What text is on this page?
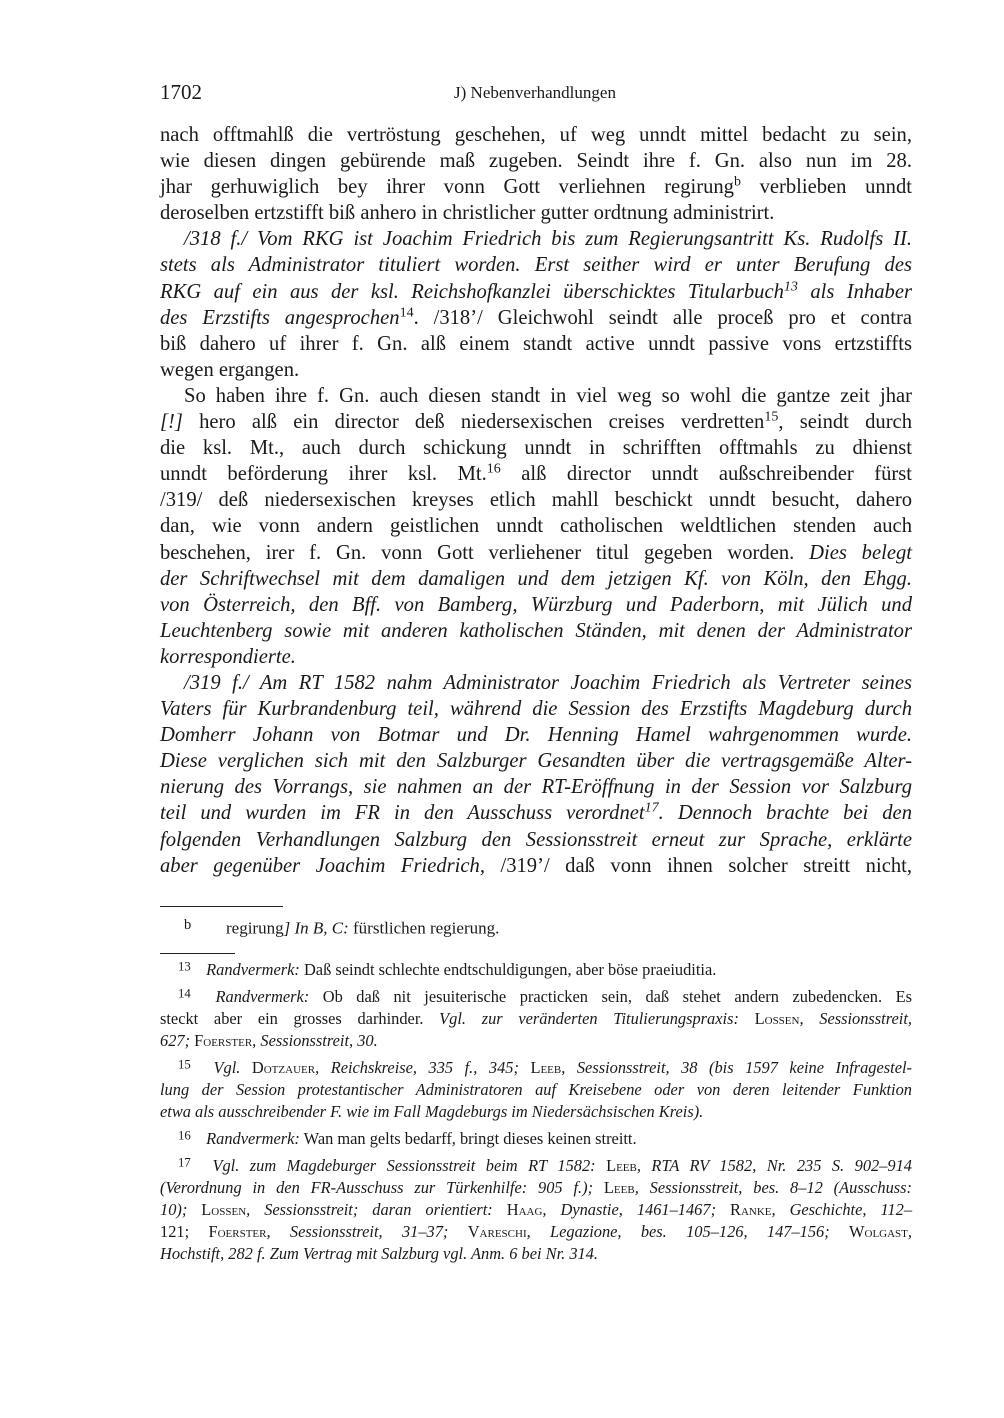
1702	J) Nebenverhandlungen
nach offtmahlß die vertröstung geschehen, uf weg unndt mittel bedacht zu sein,
wie diesen dingen gebürende maß zugeben. Seindt ihre f. Gn. also nun im 28.
jhar gerhuwiglich bey ihrer vonn Gott verliehnen regirung$^b$ verblieben unndt
deroselben ertzstifft biß anhero in christlicher gutter ordtnung administrirt.
/318 f./ Vom RKG ist Joachim Friedrich bis zum Regierungsantritt Ks. Rudolfs II.
stets als Administrator tituliert worden. Erst seither wird er unter Berufung des
RKG auf ein aus der ksl. Reichshofkanzlei überschicktes Titularbuch$^{13}$ als Inhaber
des Erzstifts angesprochen$^{14}$. /318’/ Gleichwohl seindt alle proceß pro et contra
biß dahero uf ihrer f. Gn. alß einem standt active unndt passive vons ertzstiffts
wegen ergangen.
So haben ihre f. Gn. auch diesen standt in viel weg so wohl die gantze zeit jhar
[!] hero alß ein director deß niedersexischen creises verdretten$^{15}$, seindt durch
die ksl. Mt., auch durch schickung unndt in schrifften offtmahls zu dhienst
unndt beförderung ihrer ksl. Mt.$^{16}$ alß director unndt außschreibender fürst
/319/ deß niedersexischen kreyses etlich mahll beschickt unndt besucht, dahero
dan, wie vonn andern geistlichen unndt catholischen weldtlichen stenden auch
beschehen, irer f. Gn. vonn Gott verliehener titul gegeben worden. Dies belegt
der Schriftwechsel mit dem damaligen und dem jetzigen Kf. von Köln, den Ehgg.
von Österreich, den Bff. von Bamberg, Würzburg und Paderborn, mit Jülich und
Leuchtenberg sowie mit anderen katholischen Ständen, mit denen der Administrator
korrespondierte.
/319 f./ Am RT 1582 nahm Administrator Joachim Friedrich als Vertreter seines
Vaters für Kurbrandenburg teil, während die Session des Erzstifts Magdeburg durch
Domherr Johann von Botmar und Dr. Henning Hamel wahrgenommen wurde.
Diese verglichen sich mit den Salzburger Gesandten über die vertragsgemäße Alter-
nierung des Vorrangs, sie nahmen an der RT-Eröffnung in der Session vor Salzburg
teil und wurden im FR in den Ausschuss verordnet$^{17}$. Dennoch brachte bei den
folgenden Verhandlungen Salzburg den Sessionsstreit erneut zur Sprache, erklärte
aber gegenüber Joachim Friedrich, /319’/ daß vonn ihnen solcher streitt nicht,
b regirung] In B, C: fürstlichen regierung.
$^{13}$ Randvermerk: Daß seindt schlechte endtschuldigungen, aber böse praeiuditia.
$^{14}$ Randvermerk: Ob daß nit jesuiterische practicken sein, daß stehet andern zubedencken. Es
steckt aber ein grosses darhinder. Vgl. zur veränderten Titulierungspraxis: Lossen, Sessionsstreit,
627; Foerster, Sessionsstreit, 30.
$^{15}$ Vgl. Dotzauer, Reichskreise, 335 f., 345; Leeb, Sessionsstreit, 38 (bis 1597 keine Infragestel-
lung der Session protestantischer Administratoren auf Kreisebene oder von deren leitender Funktion
etwa als ausschreibender F. wie im Fall Magdeburgs im Niedersächsischen Kreis).
$^{16}$ Randvermerk: Wan man gelts bedarff, bringt dieses keinen streitt.
$^{17}$ Vgl. zum Magdeburger Sessionsstreit beim RT 1582: Leeb, RTA RV 1582, Nr. 235 S. 902–914
(Verordnung in den FR-Ausschuss zur Türkenhilfe: 905 f.); Leeb, Sessionsstreit, bes. 8–12 (Ausschuss:
10); Lossen, Sessionsstreit; daran orientiert: Haag, Dynastie, 1461–1467; Ranke, Geschichte, 112–
121; Foerster, Sessionsstreit, 31–37; Vareschi, Legazione, bes. 105–126, 147–156; Wolgast,
Hochstift, 282 f. Zum Vertrag mit Salzburg vgl. Anm. 6 bei Nr. 314.
